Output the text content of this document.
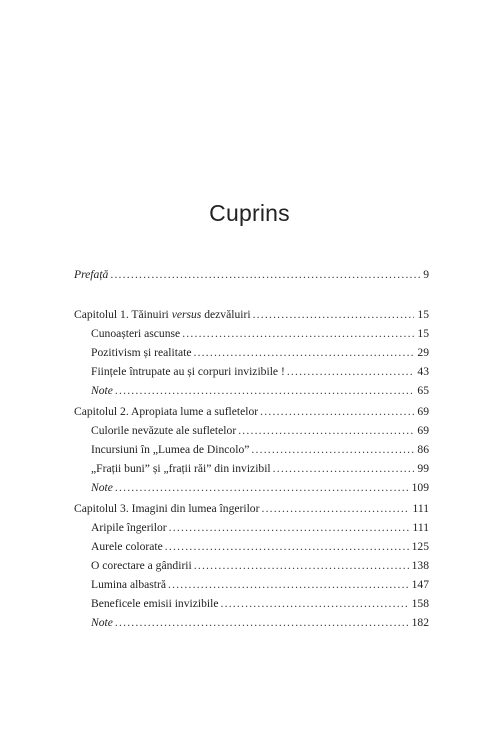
Cuprins
Prefață .....	9
Capitolul 1. Tăinuiri versus dezvăluiri .....	15
Cunoașteri ascunse .....	15
Pozitivism și realitate .....	29
Ființele întrupate au și corpuri invizibile ! .....	43
Note .....	65
Capitolul 2. Apropiata lume a sufletelor .....	69
Culorile nevăzute ale sufletelor .....	69
Incursiuni în „Lumea de Dincolo” .....	86
„Frații buni” și „frații răi” din invizibil .....	99
Note .....	109
Capitolul 3. Imagini din lumea îngerilor .....	111
Aripile îngerilor .....	111
Aurele colorate .....	125
O corectare a gândirii .....	138
Lumina albastră .....	147
Beneficele emisii invizibile .....	158
Note .....	182
